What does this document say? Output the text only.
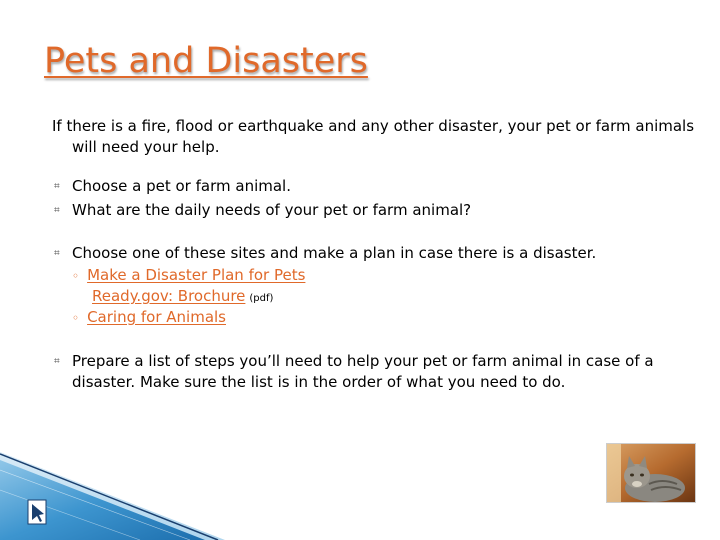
Pets and Disasters
If there is a fire, flood or earthquake and any other disaster, your pet or farm animals will need your help.
⌗ Choose a pet or farm animal.
⌗ What are the daily needs of your pet or farm animal?
⌗ Choose one of these sites and make a plan in case there is a disaster.
◦ Make a Disaster Plan for Pets
Ready.gov: Brochure (pdf)
◦ Caring for Animals
⌗ Prepare a list of steps you’ll need to help your pet or farm animal in case of a disaster. Make sure the list is in the order of what you need to do.
